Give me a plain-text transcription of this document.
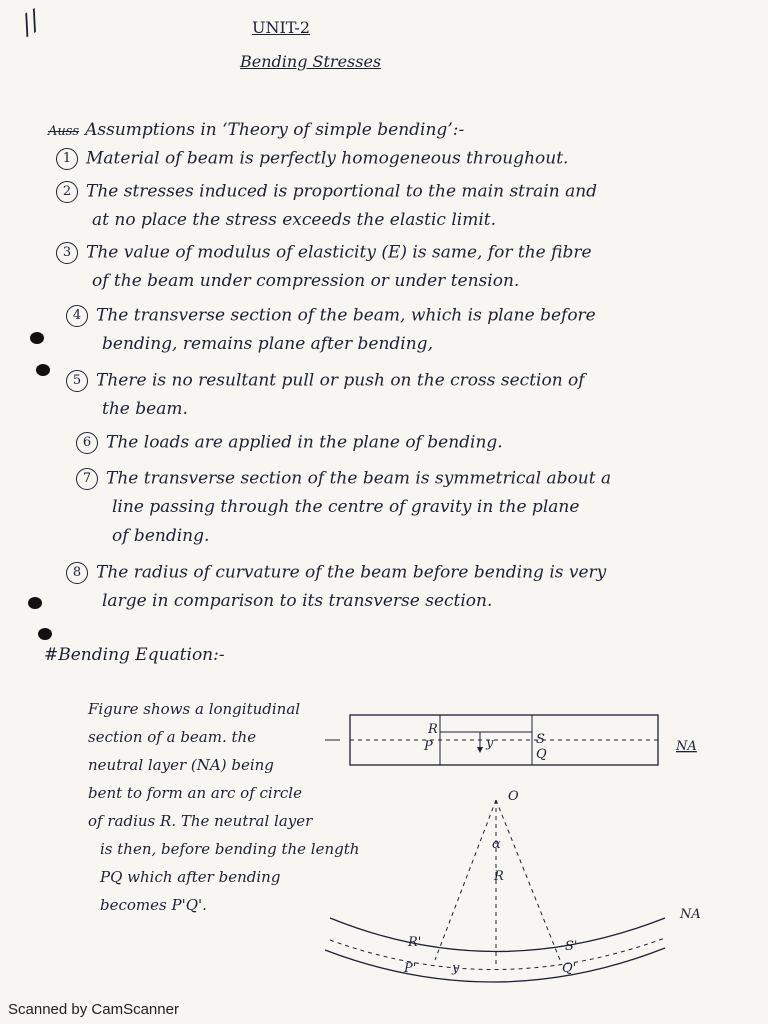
//	UNIT-2
Bending Stresses
Auss Assumptions in ‘Theory of simple bending’:-
1 Material of beam is perfectly homogeneous throughout.
2 The stresses induced is proportional to the main strain and
at no place the stress exceeds the elastic limit.
3 The value of modulus of elasticity (E) is same, for the fibre
of the beam under compression or under tension.
4 The transverse section of the beam, which is plane before
bending, remains plane after bending,
5 There is no resultant pull or push on the cross section of
the beam.
6 The loads are applied in the plane of bending.
7 The transverse section of the beam is symmetrical about a
line passing through the centre of gravity in the plane
of bending.
8 The radius of curvature of the beam before bending is very
large in comparison to its transverse section.
#Bending Equation:-
Figure shows a longitudinal
section of a beam. the
neutral layer (NA) being
bent to form an arc of circle
of radius R. The neutral layer
is then, before bending the length
PQ which after bending
becomes P'Q'.
R
S
P
Q
y	NA
O
α
R
NA
R'	S'
P'	Q'
y
Scanned by CamScanner
